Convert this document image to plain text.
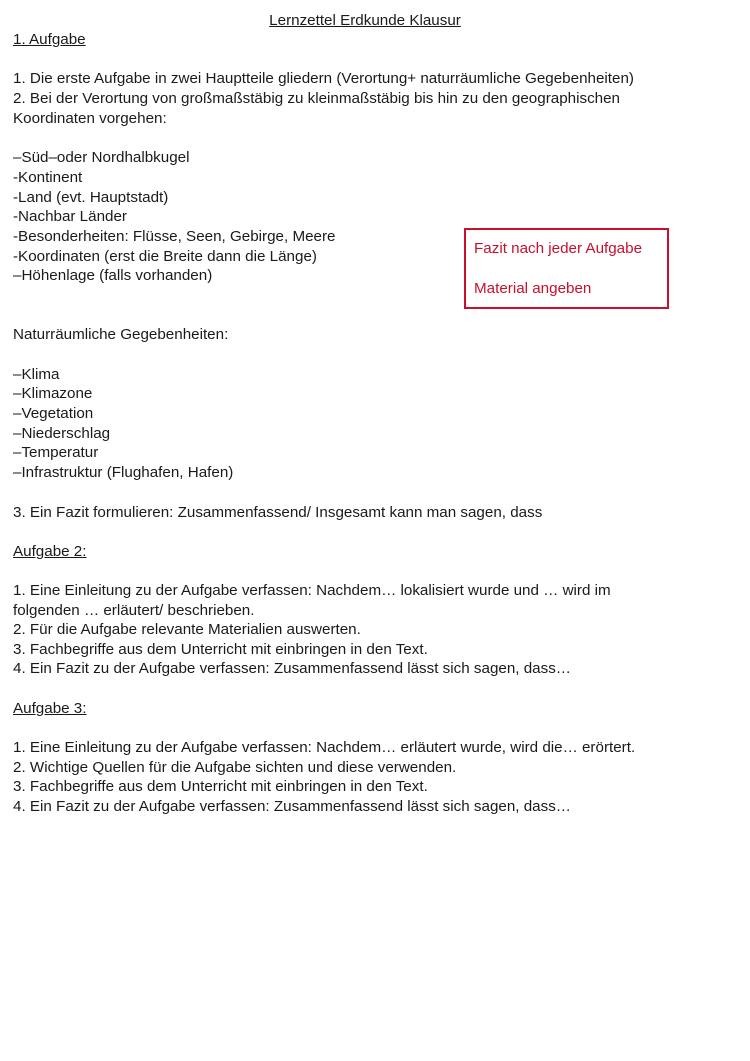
Lernzettel Erdkunde Klausur
1. Aufgabe
1. Die erste Aufgabe in zwei Hauptteile gliedern (Verortung+ naturräumliche Gegebenheiten)
2. Bei der Verortung von großmaßstäbig zu kleinmaßstäbig bis hin zu den geographischen
Koordinaten vorgehen:
–Süd–oder Nordhalbkugel
-Kontinent
-Land (evt. Hauptstadt)
-Nachbar Länder
-Besonderheiten: Flüsse, Seen, Gebirge, Meere
-Koordinaten (erst die Breite dann die Länge)
–Höhenlage (falls vorhanden)
Fazit nach jeder Aufgabe
Material angeben
Naturräumliche Gegebenheiten:
–Klima
–Klimazone
–Vegetation
–Niederschlag
–Temperatur
–Infrastruktur (Flughafen, Hafen)
3. Ein Fazit formulieren: Zusammenfassend/ Insgesamt kann man sagen, dass
Aufgabe 2:
1. Eine Einleitung zu der Aufgabe verfassen: Nachdem… lokalisiert wurde und … wird im
folgenden … erläutert/ beschrieben.
2. Für die Aufgabe relevante Materialien auswerten.
3. Fachbegriffe aus dem Unterricht mit einbringen in den Text.
4. Ein Fazit zu der Aufgabe verfassen: Zusammenfassend lässt sich sagen, dass…
Aufgabe 3:
1. Eine Einleitung zu der Aufgabe verfassen: Nachdem… erläutert wurde, wird die… erörtert.
2. Wichtige Quellen für die Aufgabe sichten und diese verwenden.
3. Fachbegriffe aus dem Unterricht mit einbringen in den Text.
4. Ein Fazit zu der Aufgabe verfassen: Zusammenfassend lässt sich sagen, dass…
